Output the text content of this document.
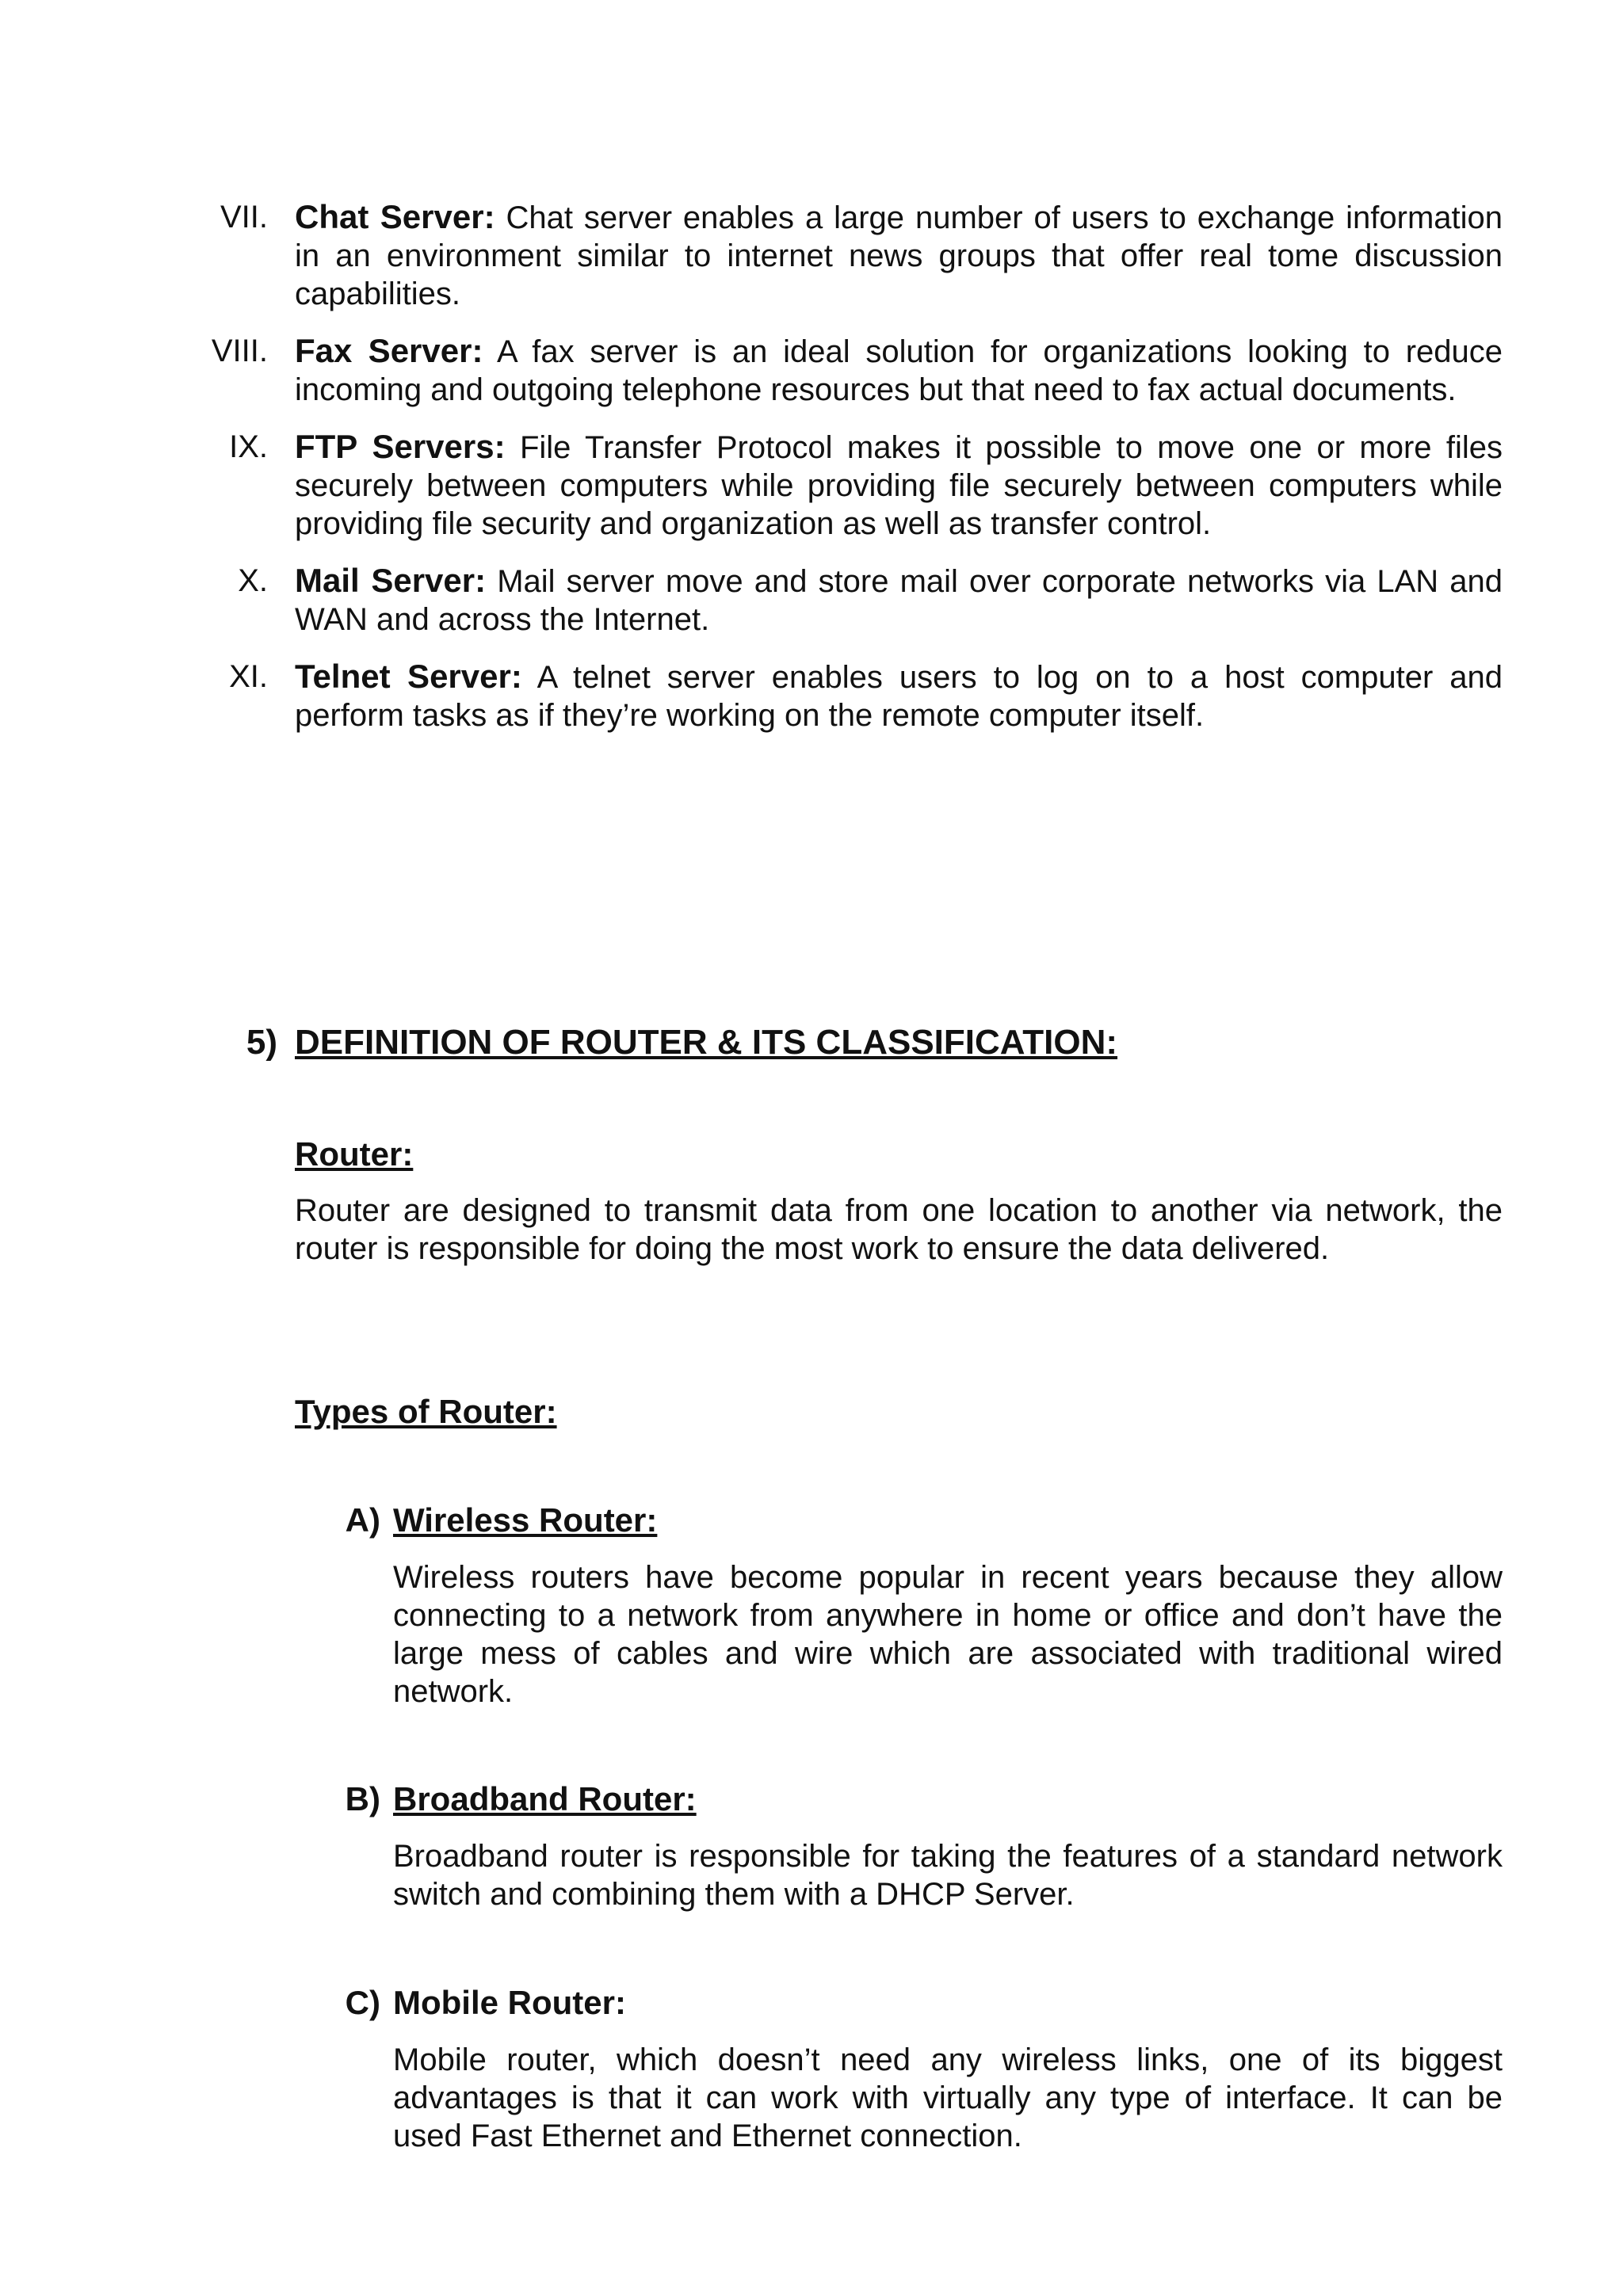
VII. Chat Server: Chat server enables a large number of users to exchange information in an environment similar to internet news groups that offer real tome discussion capabilities.
VIII. Fax Server: A fax server is an ideal solution for organizations looking to reduce incoming and outgoing telephone resources but that need to fax actual documents.
IX. FTP Servers: File Transfer Protocol makes it possible to move one or more files securely between computers while providing file securely between computers while providing file security and organization as well as transfer control.
X. Mail Server: Mail server move and store mail over corporate networks via LAN and WAN and across the Internet.
XI. Telnet Server: A telnet server enables users to log on to a host computer and perform tasks as if they’re working on the remote computer itself.
5) DEFINITION OF ROUTER & ITS CLASSIFICATION:
Router:
Router are designed to transmit data from one location to another via network, the router is responsible for doing the most work to ensure the data delivered.
Types of Router:
A) Wireless Router:
Wireless routers have become popular in recent years because they allow connecting to a network from anywhere in home or office and don’t have the large mess of cables and wire which are associated with traditional wired network.
B) Broadband Router:
Broadband router is responsible for taking the features of a standard network switch and combining them with a DHCP Server.
C) Mobile Router:
Mobile router, which doesn’t need any wireless links, one of its biggest advantages is that it can work with virtually any type of interface. It can be used Fast Ethernet and Ethernet connection.
